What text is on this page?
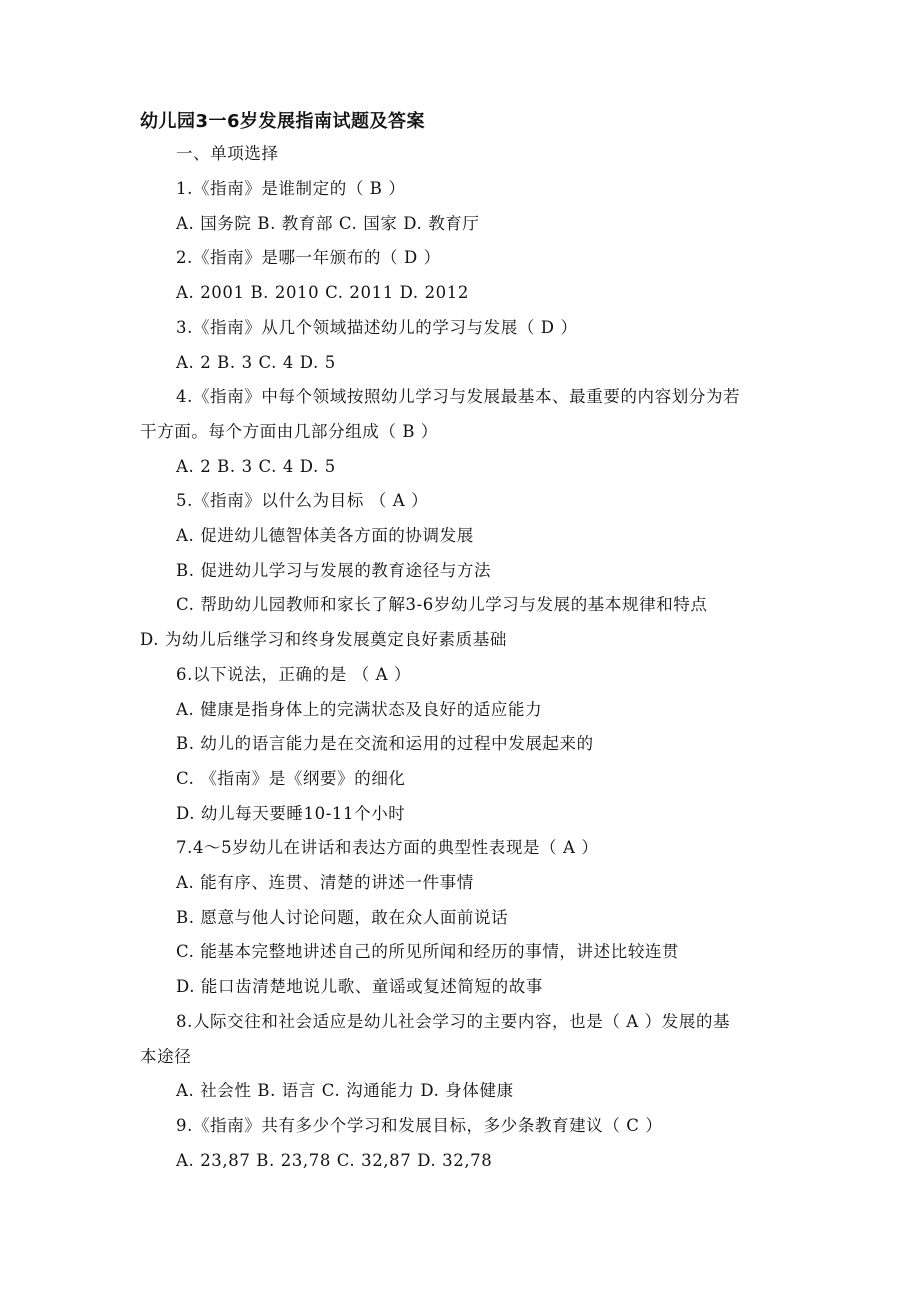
幼儿园3一6岁发展指南试题及答案
一、单项选择
1.《指南》是谁制定的（ B ）
A. 国务院 B. 教育部 C. 国家 D. 教育厅
2.《指南》是哪一年颁布的（ D ）
A. 2001 B. 2010 C. 2011 D. 2012
3.《指南》从几个领域描述幼儿的学习与发展（ D ）
A. 2 B. 3 C. 4 D. 5
4.《指南》中每个领域按照幼儿学习与发展最基本、最重要的内容划分为若
干方面。每个方面由几部分组成（ B ）
A. 2 B. 3 C. 4 D. 5
5.《指南》以什么为目标 （ A ）
A. 促进幼儿德智体美各方面的协调发展
B. 促进幼儿学习与发展的教育途径与方法
C. 帮助幼儿园教师和家长了解3-6岁幼儿学习与发展的基本规律和特点
D. 为幼儿后继学习和终身发展奠定良好素质基础
6.以下说法，正确的是 （ A ）
A. 健康是指身体上的完满状态及良好的适应能力
B. 幼儿的语言能力是在交流和运用的过程中发展起来的
C. 《指南》是《纲要》的细化
D. 幼儿每天要睡10-11个小时
7.4～5岁幼儿在讲话和表达方面的典型性表现是（ A ）
A. 能有序、连贯、清楚的讲述一件事情
B. 愿意与他人讨论问题，敢在众人面前说话
C. 能基本完整地讲述自己的所见所闻和经历的事情，讲述比较连贯
D. 能口齿清楚地说儿歌、童谣或复述简短的故事
8.人际交往和社会适应是幼儿社会学习的主要内容，也是（ A ）发展的基
本途径
A. 社会性 B. 语言 C. 沟通能力 D. 身体健康
9.《指南》共有多少个学习和发展目标，多少条教育建议（ C ）
A. 23,87 B. 23,78 C. 32,87 D. 32,78
